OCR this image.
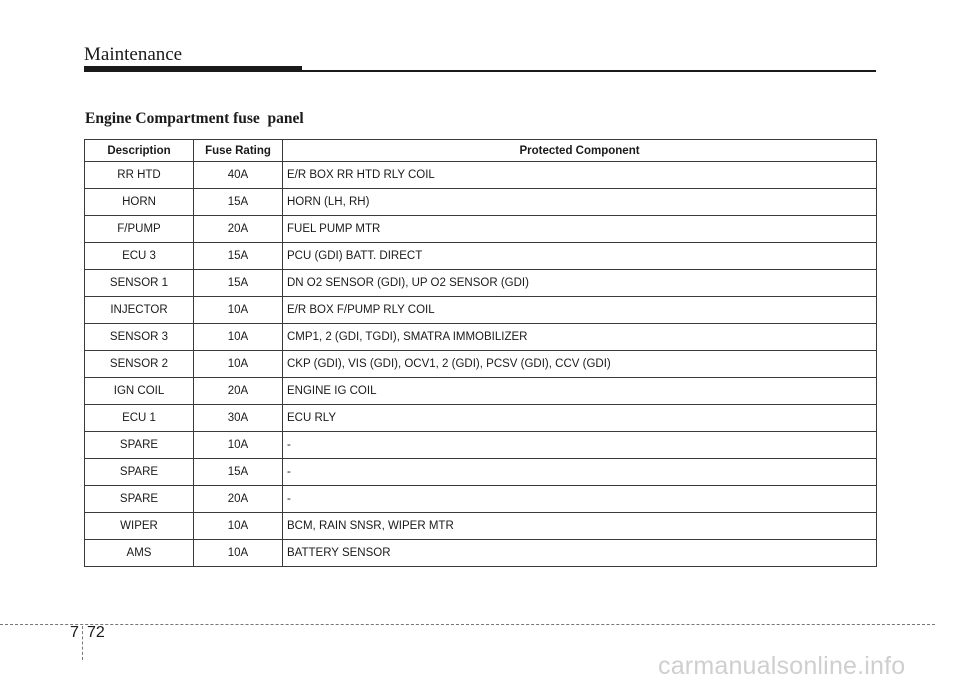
Maintenance
Engine Compartment fuse  panel
Description	Fuse Rating	Protected Component
RR HTD	40A	E/R BOX RR HTD RLY COIL
HORN	15A	HORN (LH, RH)
F/PUMP	20A	FUEL PUMP MTR
ECU 3	15A	PCU (GDI) BATT. DIRECT
SENSOR 1	15A	DN O2 SENSOR (GDI), UP O2 SENSOR (GDI)
INJECTOR	10A	E/R BOX F/PUMP RLY COIL
SENSOR 3	10A	CMP1, 2 (GDI, TGDI), SMATRA IMMOBILIZER
SENSOR 2	10A	CKP (GDI), VIS (GDI), OCV1, 2 (GDI), PCSV (GDI), CCV (GDI)
IGN COIL	20A	ENGINE IG COIL
ECU 1	30A	ECU RLY
SPARE	10A	-
SPARE	15A	-
SPARE	20A	-
WIPER	10A	BCM, RAIN SNSR, WIPER MTR
AMS	10A	BATTERY SENSOR
7 72
carmanualsonline.info
